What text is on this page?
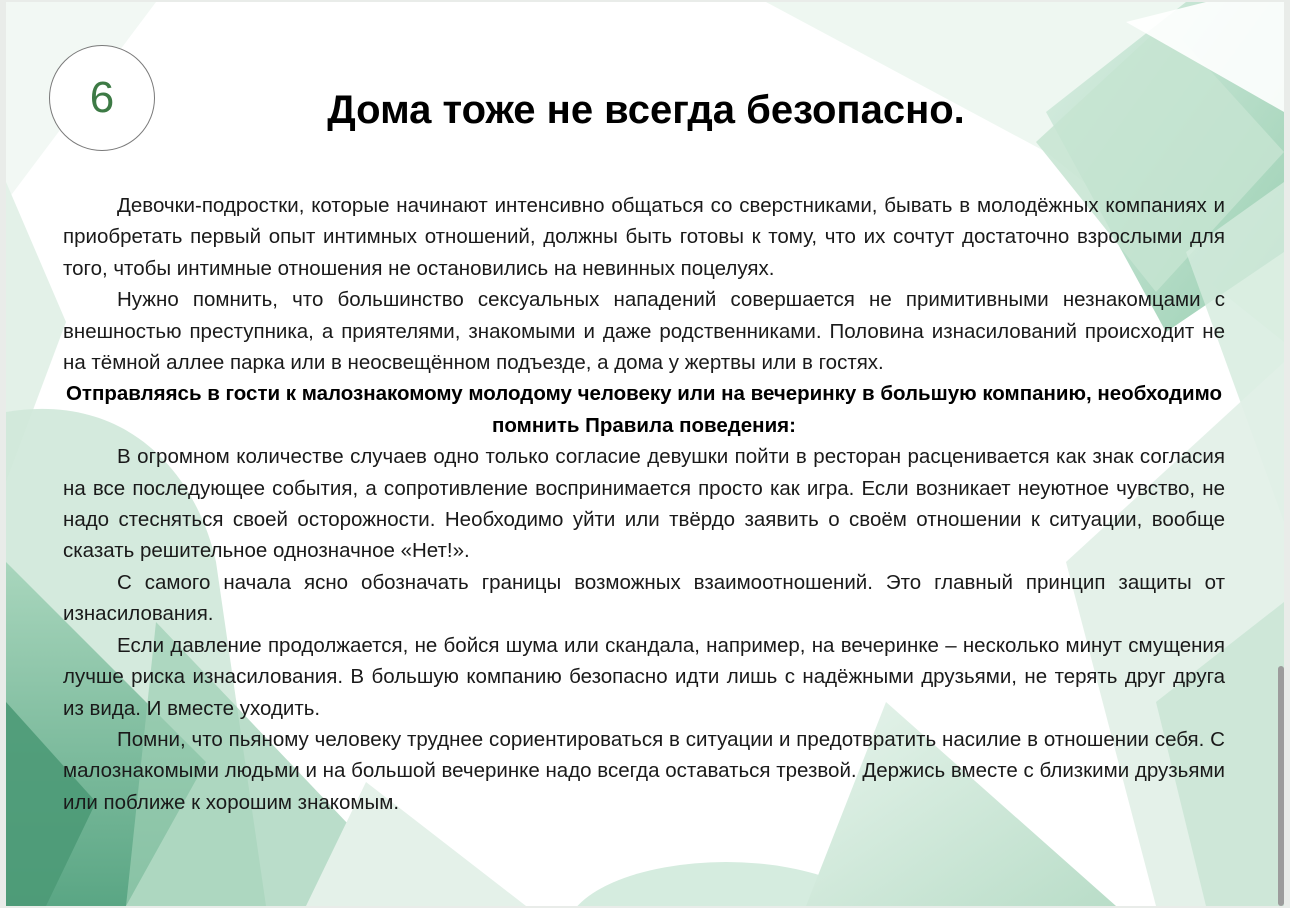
6	Дома тоже не всегда безопасно.

Девочки-подростки, которые начинают интенсивно общаться со сверстниками, бывать в молодёжных компаниях и приобретать первый опыт интимных отношений, должны быть готовы к тому, что их сочтут достаточно взрослыми для того, чтобы интимные отношения не остановились на невинных поцелуях.

Нужно помнить, что большинство сексуальных нападений совершается не примитивными незнакомцами с внешностью преступника, а приятелями, знакомыми и даже родственниками. Половина изнасилований происходит не на тёмной аллее парка или в неосвещённом подъезде, а дома у жертвы или в гостях.

Отправляясь в гости к малознакомому молодому человеку или на вечеринку в большую компанию, необходимо помнить Правила поведения:

В огромном количестве случаев одно только согласие девушки пойти в ресторан расценивается как знак согласия на все последующее события, а сопротивление воспринимается просто как игра. Если возникает неуютное чувство, не надо стесняться своей осторожности. Необходимо уйти или твёрдо заявить о своём отношении к ситуации, вообще сказать решительное однозначное «Нет!».

С самого начала ясно обозначать границы возможных взаимоотношений. Это главный принцип защиты от изнасилования.

Если давление продолжается, не бойся шума или скандала, например, на вечеринке – несколько минут смущения лучше риска изнасилования. В большую компанию безопасно идти лишь с надёжными друзьями, не терять друг друга из вида. И вместе уходить.

Помни, что пьяному человеку труднее сориентироваться в ситуации и предотвратить насилие в отношении себя. С малознакомыми людьми и на большой вечеринке надо всегда оставаться трезвой. Держись вместе с близкими друзьями или поближе к хорошим знакомым.
